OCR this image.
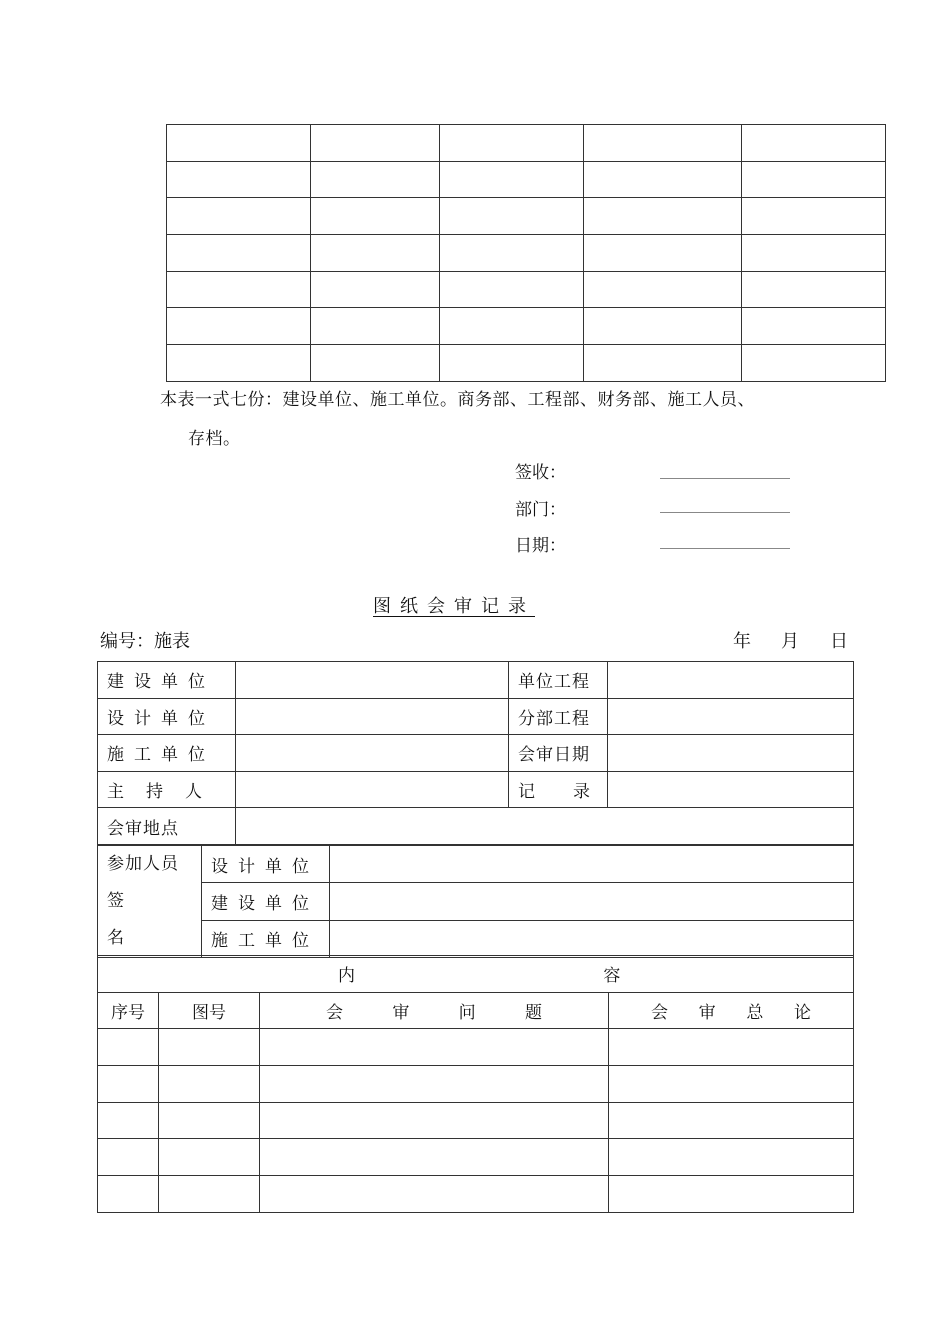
本表一式七份：建设单位、施工单位。商务部、工程部、财务部、施工人员、
存档。
签收：
部门：
日期：
图纸会审记录
编号：施表	年 月 日
建设单位		单位工程	
设计单位		分部工程	
施工单位		会审日期	
主持人		记录	
会审地点			
参加人员
签名	设计单位	
	建设单位	
	施工单位	
内 容			
序号	图号	会 审 问 题	会 审 总 论
